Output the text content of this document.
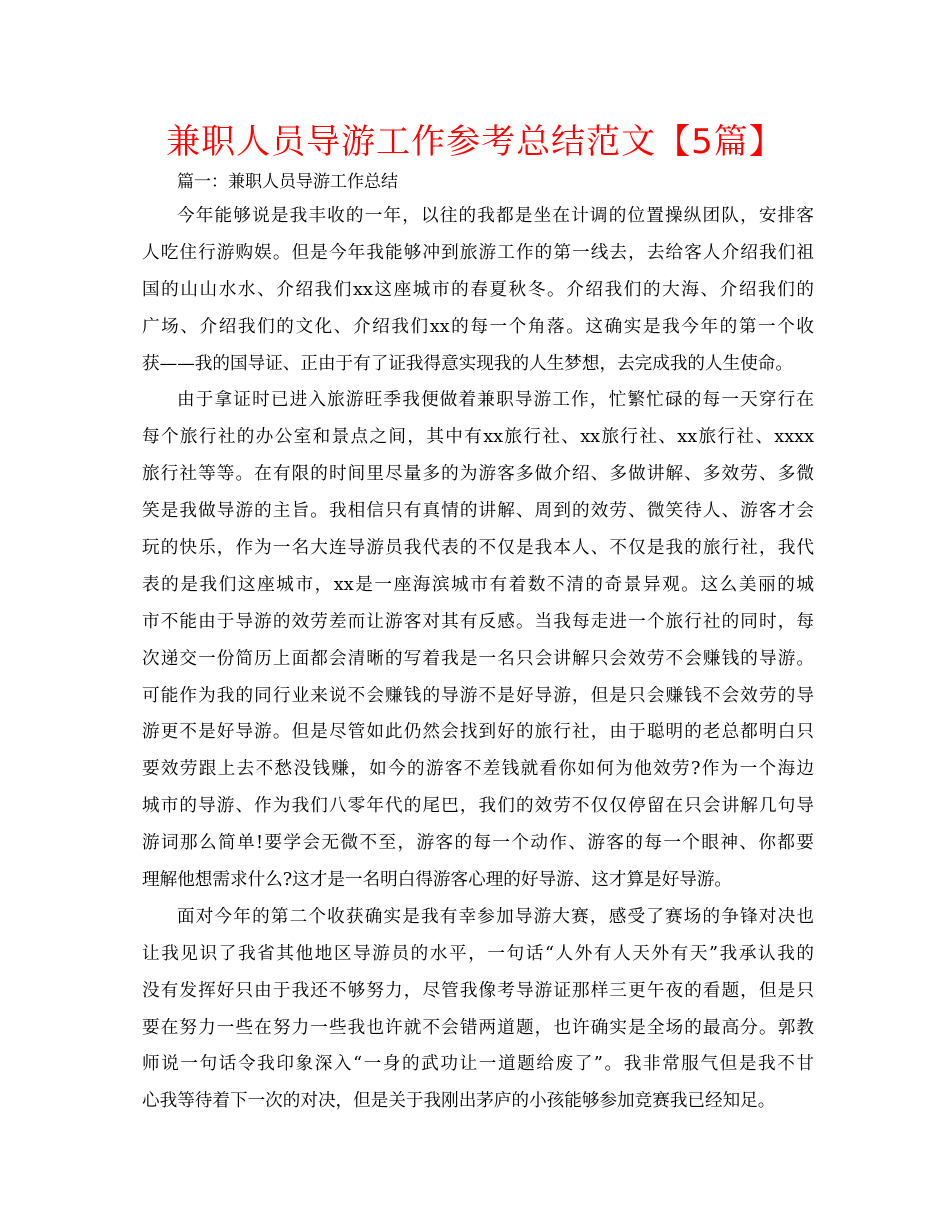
兼职人员导游工作参考总结范文【5篇】
篇一：兼职人员导游工作总结
今年能够说是我丰收的一年，以往的我都是坐在计调的位置操纵团队，安排客
人吃住行游购娱。但是今年我能够冲到旅游工作的第一线去，去给客人介绍我们祖
国的山山水水、介绍我们xx这座城市的春夏秋冬。介绍我们的大海、介绍我们的
广场、介绍我们的文化、介绍我们xx的每一个角落。这确实是我今年的第一个收
获——我的国导证、正由于有了证我得意实现我的人生梦想，去完成我的人生使命。
由于拿证时已进入旅游旺季我便做着兼职导游工作，忙繁忙碌的每一天穿行在
每个旅行社的办公室和景点之间，其中有xx旅行社、xx旅行社、xx旅行社、xxxx
旅行社等等。在有限的时间里尽量多的为游客多做介绍、多做讲解、多效劳、多微
笑是我做导游的主旨。我相信只有真情的讲解、周到的效劳、微笑待人、游客才会
玩的快乐，作为一名大连导游员我代表的不仅是我本人、不仅是我的旅行社，我代
表的是我们这座城市，xx是一座海滨城市有着数不清的奇景异观。这么美丽的城
市不能由于导游的效劳差而让游客对其有反感。当我每走进一个旅行社的同时，每
次递交一份简历上面都会清晰的写着我是一名只会讲解只会效劳不会赚钱的导游。
可能作为我的同行业来说不会赚钱的导游不是好导游，但是只会赚钱不会效劳的导
游更不是好导游。但是尽管如此仍然会找到好的旅行社，由于聪明的老总都明白只
要效劳跟上去不愁没钱赚，如今的游客不差钱就看你如何为他效劳?作为一个海边
城市的导游、作为我们八零年代的尾巴，我们的效劳不仅仅停留在只会讲解几句导
游词那么简单!要学会无微不至，游客的每一个动作、游客的每一个眼神、你都要
理解他想需求什么?这才是一名明白得游客心理的好导游、这才算是好导游。
面对今年的第二个收获确实是我有幸参加导游大赛，感受了赛场的争锋对决也
让我见识了我省其他地区导游员的水平，一句话“人外有人天外有天”我承认我的
没有发挥好只由于我还不够努力，尽管我像考导游证那样三更午夜的看题，但是只
要在努力一些在努力一些我也许就不会错两道题，也许确实是全场的最高分。郭教
师说一句话令我印象深入“一身的武功让一道题给废了”。我非常服气但是我不甘
心我等待着下一次的对决，但是关于我刚出茅庐的小孩能够参加竞赛我已经知足。
